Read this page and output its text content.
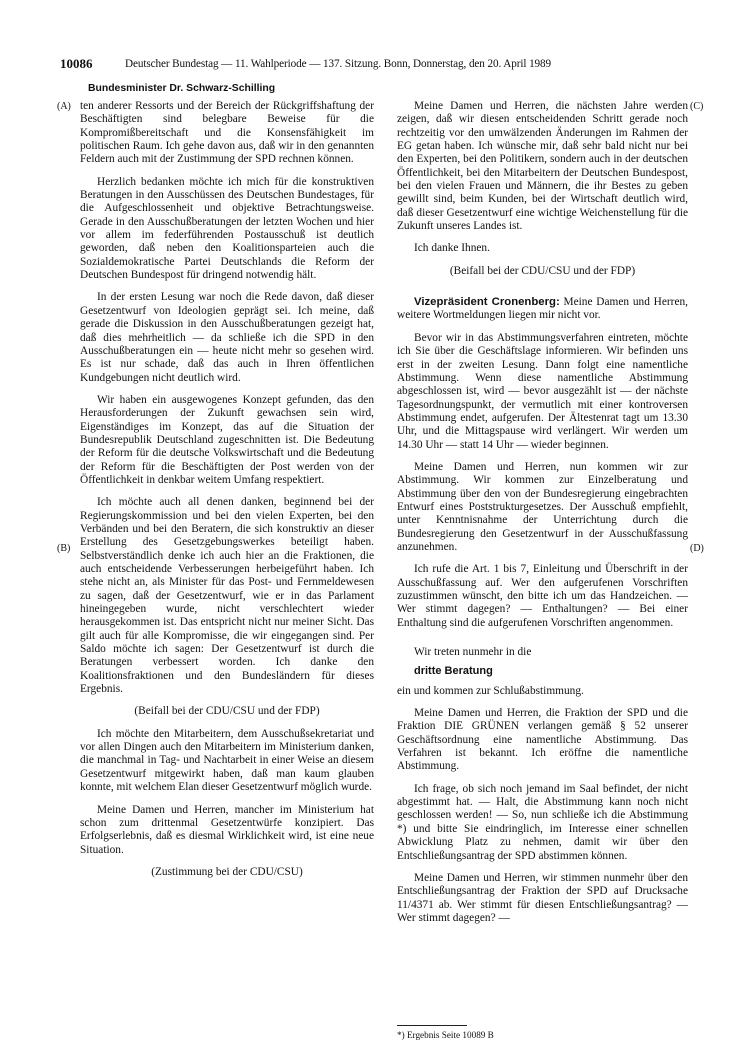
10086	Deutscher Bundestag — 11. Wahlperiode — 137. Sitzung. Bonn, Donnerstag, den 20. April 1989
Bundesminister Dr. Schwarz-Schilling
(A)
(B)
(C)
(D)

ten anderer Ressorts und der Bereich der Rückgriffshaftung der Beschäftigten sind belegbare Beweise für die Kompromißbereitschaft und die Konsensfähigkeit im politischen Raum. Ich gehe davon aus, daß wir in den genannten Feldern auch mit der Zustimmung der SPD rechnen können.

Herzlich bedanken möchte ich mich für die konstruktiven Beratungen in den Ausschüssen des Deutschen Bundestages, für die Aufgeschlossenheit und objektive Betrachtungsweise. Gerade in den Ausschußberatungen der letzten Wochen und hier vor allem im federführenden Postausschuß ist deutlich geworden, daß neben den Koalitionsparteien auch die Sozialdemokratische Partei Deutschlands die Reform der Deutschen Bundespost für dringend notwendig hält.

In der ersten Lesung war noch die Rede davon, daß dieser Gesetzentwurf von Ideologien geprägt sei. Ich meine, daß gerade die Diskussion in den Ausschußberatungen gezeigt hat, daß dies mehrheitlich — da schließe ich die SPD in den Ausschußberatungen ein — heute nicht mehr so gesehen wird. Es ist nur schade, daß das auch in Ihren öffentlichen Kundgebungen nicht deutlich wird.

Wir haben ein ausgewogenes Konzept gefunden, das den Herausforderungen der Zukunft gewachsen sein wird, Eigenständiges im Konzept, das auf die Situation der Bundesrepublik Deutschland zugeschnitten ist. Die Bedeutung der Reform für die deutsche Volkswirtschaft und die Bedeutung der Reform für die Beschäftigten der Post werden von der Öffentlichkeit in denkbar weitem Umfang respektiert.

Ich möchte auch all denen danken, beginnend bei der Regierungskommission und bei den vielen Experten, bei den Verbänden und bei den Beratern, die sich konstruktiv an dieser Erstellung des Gesetzgebungswerkes beteiligt haben. Selbstverständlich denke ich auch hier an die Fraktionen, die auch entscheidende Verbesserungen herbeigeführt haben. Ich stehe nicht an, als Minister für das Post- und Fernmeldewesen zu sagen, daß der Gesetzentwurf, wie er in das Parlament hineingegeben wurde, nicht verschlechtert wieder herausgekommen ist. Das entspricht nicht nur meiner Sicht. Das gilt auch für alle Kompromisse, die wir eingegangen sind. Per Saldo möchte ich sagen: Der Gesetzentwurf ist durch die Beratungen verbessert worden. Ich danke den Koalitionsfraktionen und den Bundesländern für dieses Ergebnis.

(Beifall bei der CDU/CSU und der FDP)

Ich möchte den Mitarbeitern, dem Ausschußsekretariat und vor allen Dingen auch den Mitarbeitern im Ministerium danken, die manchmal in Tag- und Nachtarbeit in einer Weise an diesem Gesetzentwurf mitgewirkt haben, daß man kaum glauben konnte, mit welchem Elan dieser Gesetzentwurf möglich wurde.

Meine Damen und Herren, mancher im Ministerium hat schon zum drittenmal Gesetzentwürfe konzipiert. Das Erfolgserlebnis, daß es diesmal Wirklichkeit wird, ist eine neue Situation.

(Zustimmung bei der CDU/CSU)

Meine Damen und Herren, die nächsten Jahre werden zeigen, daß wir diesen entscheidenden Schritt gerade noch rechtzeitig vor den umwälzenden Änderungen im Rahmen der EG getan haben. Ich wünsche mir, daß sehr bald nicht nur bei den Experten, bei den Politikern, sondern auch in der deutschen Öffentlichkeit, bei den Mitarbeitern der Deutschen Bundespost, bei den vielen Frauen und Männern, die ihr Bestes zu geben gewillt sind, beim Kunden, bei der Wirtschaft deutlich wird, daß dieser Gesetzentwurf eine wichtige Weichenstellung für die Zukunft unseres Landes ist.

Ich danke Ihnen.

(Beifall bei der CDU/CSU und der FDP)

Vizepräsident Cronenberg: Meine Damen und Herren, weitere Wortmeldungen liegen mir nicht vor.

Bevor wir in das Abstimmungsverfahren eintreten, möchte ich Sie über die Geschäftslage informieren. Wir befinden uns erst in der zweiten Lesung. Dann folgt eine namentliche Abstimmung. Wenn diese namentliche Abstimmung abgeschlossen ist, wird — bevor ausgezählt ist — der nächste Tagesordnungspunkt, der vermutlich mit einer kontroversen Abstimmung endet, aufgerufen. Der Ältestenrat tagt um 13.30 Uhr, und die Mittagspause wird verlängert. Wir werden um 14.30 Uhr — statt 14 Uhr — wieder beginnen.

Meine Damen und Herren, nun kommen wir zur Abstimmung. Wir kommen zur Einzelberatung und Abstimmung über den von der Bundesregierung eingebrachten Entwurf eines Poststrukturgesetzes. Der Ausschuß empfiehlt, unter Kenntnisnahme der Unterrichtung durch die Bundesregierung den Gesetzentwurf in der Ausschußfassung anzunehmen.

Ich rufe die Art. 1 bis 7, Einleitung und Überschrift in der Ausschußfassung auf. Wer den aufgerufenen Vorschriften zuzustimmen wünscht, den bitte ich um das Handzeichen. — Wer stimmt dagegen? — Enthaltungen? — Bei einer Enthaltung sind die aufgerufenen Vorschriften angenommen.

Wir treten nunmehr in die

dritte Beratung

ein und kommen zur Schlußabstimmung.

Meine Damen und Herren, die Fraktion der SPD und die Fraktion DIE GRÜNEN verlangen gemäß § 52 unserer Geschäftsordnung eine namentliche Abstimmung. Das Verfahren ist bekannt. Ich eröffne die namentliche Abstimmung.

Ich frage, ob sich noch jemand im Saal befindet, der nicht abgestimmt hat. — Halt, die Abstimmung kann noch nicht geschlossen werden! — So, nun schließe ich die Abstimmung *) und bitte Sie eindringlich, im Interesse einer schnellen Abwicklung Platz zu nehmen, damit wir über den Entschließungsantrag der SPD abstimmen können.

Meine Damen und Herren, wir stimmen nunmehr über den Entschließungsantrag der Fraktion der SPD auf Drucksache 11/4371 ab. Wer stimmt für diesen Entschließungsantrag? — Wer stimmt dagegen? —

*) Ergebnis Seite 10089 B
